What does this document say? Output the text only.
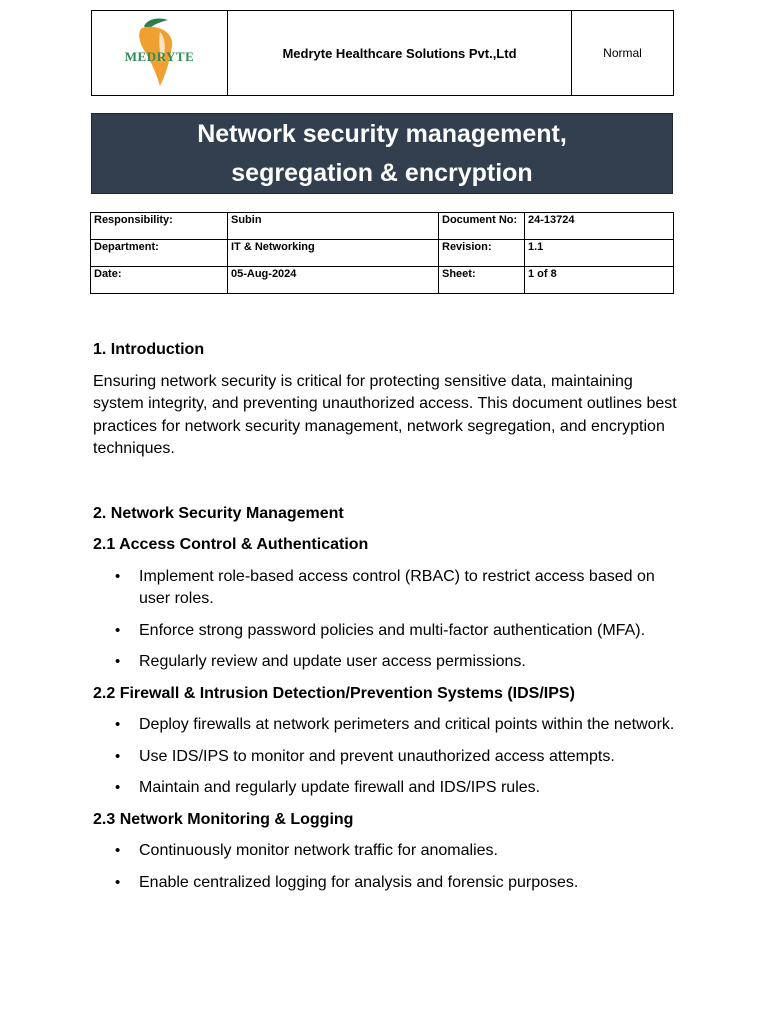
MEDRYTE	Medryte Healthcare Solutions Pvt.,Ltd	Normal
Network security management,
segregation & encryption
Responsibility:	Subin	Document No:	24-13724
Department:	IT & Networking	Revision:	1.1
Date:	05-Aug-2024	Sheet:	1 of 8
1. Introduction
Ensuring network security is critical for protecting sensitive data, maintaining system integrity, and preventing unauthorized access. This document outlines best practices for network security management, network segregation, and encryption techniques.
2. Network Security Management
2.1 Access Control & Authentication
• Implement role-based access control (RBAC) to restrict access based on user roles.
• Enforce strong password policies and multi-factor authentication (MFA).
• Regularly review and update user access permissions.
2.2 Firewall & Intrusion Detection/Prevention Systems (IDS/IPS)
• Deploy firewalls at network perimeters and critical points within the network.
• Use IDS/IPS to monitor and prevent unauthorized access attempts.
• Maintain and regularly update firewall and IDS/IPS rules.
2.3 Network Monitoring & Logging
• Continuously monitor network traffic for anomalies.
• Enable centralized logging for analysis and forensic purposes.
